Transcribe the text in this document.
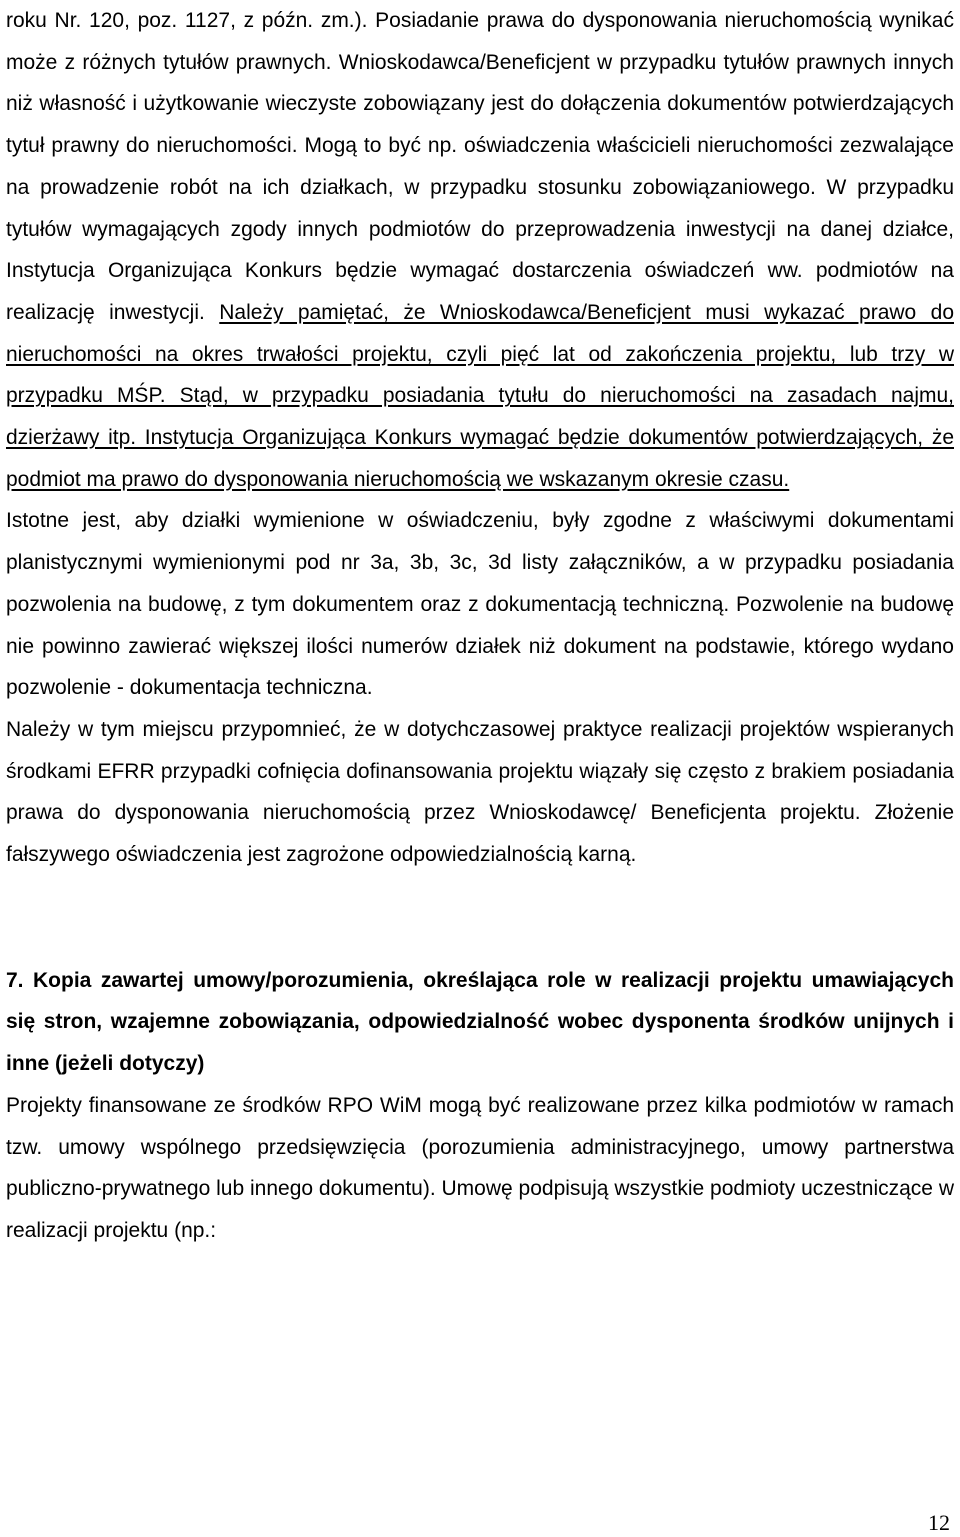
roku Nr. 120, poz. 1127, z późn. zm.). Posiadanie prawa do dysponowania nieruchomością wynikać może z różnych tytułów prawnych. Wnioskodawca/Beneficjent w przypadku tytułów prawnych innych niż własność i użytkowanie wieczyste zobowiązany jest do dołączenia dokumentów potwierdzających tytuł prawny do nieruchomości. Mogą to być np. oświadczenia właścicieli nieruchomości zezwalające na prowadzenie robót na ich działkach, w przypadku stosunku zobowiązaniowego. W przypadku tytułów wymagających zgody innych podmiotów do przeprowadzenia inwestycji na danej działce, Instytucja Organizująca Konkurs będzie wymagać dostarczenia oświadczeń ww. podmiotów na realizację inwestycji. Należy pamiętać, że Wnioskodawca/Beneficjent musi wykazać prawo do nieruchomości na okres trwałości projektu, czyli pięć lat od zakończenia projektu, lub trzy w przypadku MŚP. Stąd, w przypadku posiadania tytułu do nieruchomości na zasadach najmu, dzierżawy itp. Instytucja Organizująca Konkurs wymagać będzie dokumentów potwierdzających, że podmiot ma prawo do dysponowania nieruchomością we wskazanym okresie czasu.

Istotne jest, aby działki wymienione w oświadczeniu, były zgodne z właściwymi dokumentami planistycznymi wymienionymi pod nr 3a, 3b, 3c, 3d listy załączników, a w przypadku posiadania pozwolenia na budowę, z tym dokumentem oraz z dokumentacją techniczną. Pozwolenie na budowę nie powinno zawierać większej ilości numerów działek niż dokument na podstawie, którego wydano pozwolenie - dokumentacja techniczna.

Należy w tym miejscu przypomnieć, że w dotychczasowej praktyce realizacji projektów wspieranych środkami EFRR przypadki cofnięcia dofinansowania projektu wiązały się często z brakiem posiadania prawa do dysponowania nieruchomością przez Wnioskodawcę/ Beneficjenta projektu. Złożenie fałszywego oświadczenia jest zagrożone odpowiedzialnością karną.

7. Kopia zawartej umowy/porozumienia, określająca role w realizacji projektu umawiających się stron, wzajemne zobowiązania, odpowiedzialność wobec dysponenta środków unijnych i inne (jeżeli dotyczy)

Projekty finansowane ze środków RPO WiM mogą być realizowane przez kilka podmiotów w ramach tzw. umowy wspólnego przedsięwzięcia (porozumienia administracyjnego, umowy partnerstwa publiczno-prywatnego lub innego dokumentu). Umowę podpisują wszystkie podmioty uczestniczące w realizacji projektu (np.:

12
